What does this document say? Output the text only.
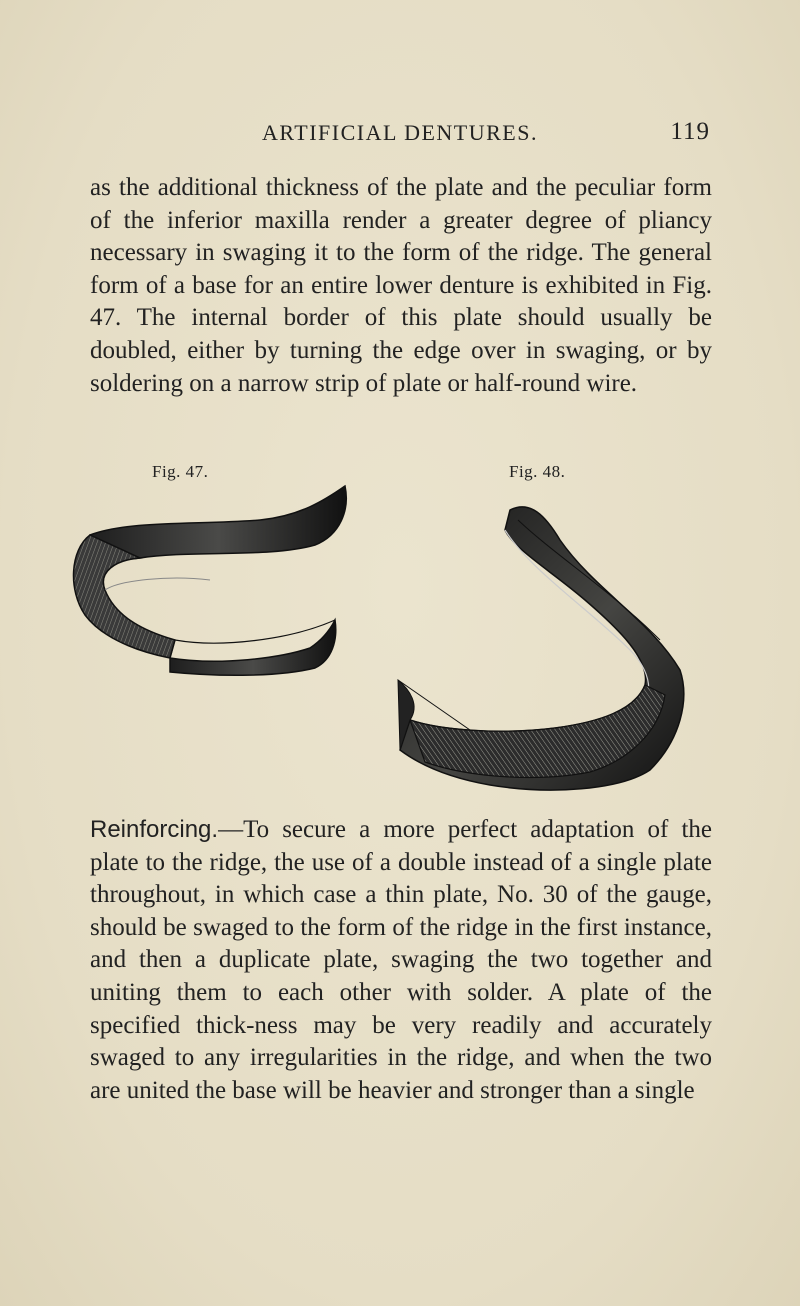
ARTIFICIAL DENTURES.	119

as the additional thickness of the plate and the peculiar form of the inferior maxilla render a greater degree of pliancy necessary in swaging it to the form of the ridge. The general form of a base for an entire lower denture is exhibited in Fig. 47. The internal border of this plate should usually be doubled, either by turning the edge over in swaging, or by soldering on a narrow strip of plate or half-round wire.

Fig. 47.	Fig. 48.

Reinforcing.—To secure a more perfect adaptation of the plate to the ridge, the use of a double instead of a single plate throughout, in which case a thin plate, No. 30 of the gauge, should be swaged to the form of the ridge in the first instance, and then a duplicate plate, swaging the two together and uniting them to each other with solder. A plate of the specified thick-ness may be very readily and accurately swaged to any irregularities in the ridge, and when the two are united the base will be heavier and stronger than a single
